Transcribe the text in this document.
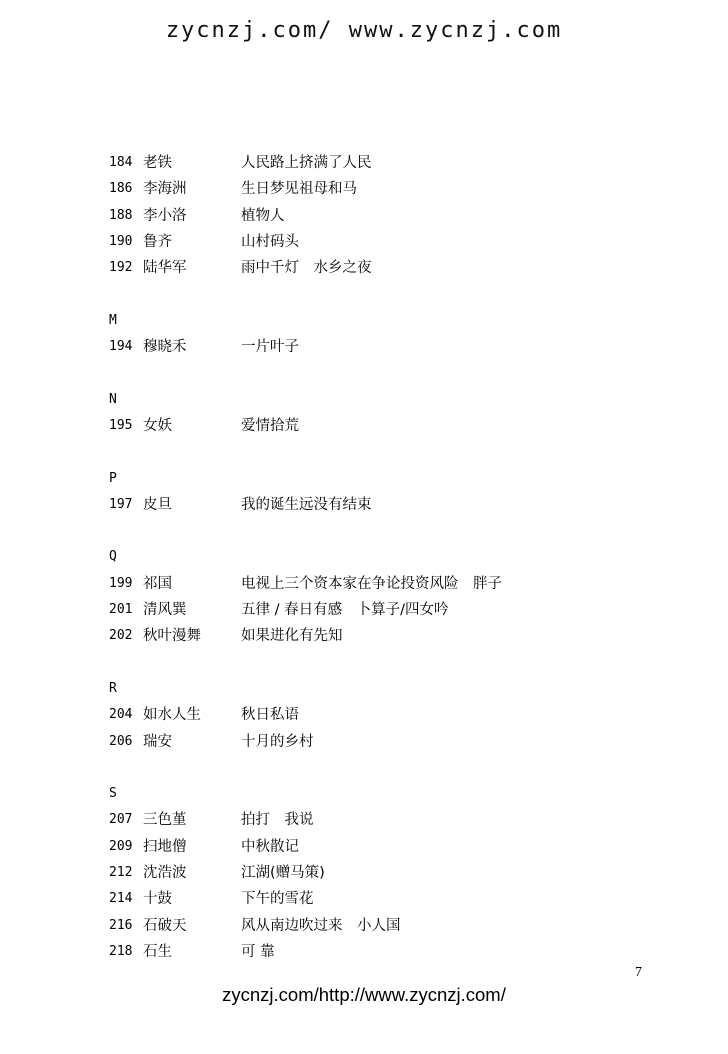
zycnzj.com/ www.zycnzj.com
184 老铁	人民路上挤满了人民
186 李海洲	生日梦见祖母和马
188 李小洛	植物人
190 鲁齐	山村码头
192 陆华军	雨中千灯　水乡之夜
M
194 穆晓禾	一片叶子
N
195 女妖	爱情拾荒
P
197 皮旦	我的诞生远没有结束
Q
199 祁国	电视上三个资本家在争论投资风险　胖子
201 清风巽	五律 / 春日有感　卜算子/四女吟
202 秋叶漫舞	如果进化有先知
R
204 如水人生	秋日私语
206 瑞安	十月的乡村
S
207 三色堇	拍打　我说
209 扫地僧	中秋散记
212 沈浩波	江湖(赠马策)
214 十鼓	下午的雪花
216 石破天	风从南边吹过来　小人国
218 石生	可 靠
7
zycnzj.com/http://www.zycnzj.com/
